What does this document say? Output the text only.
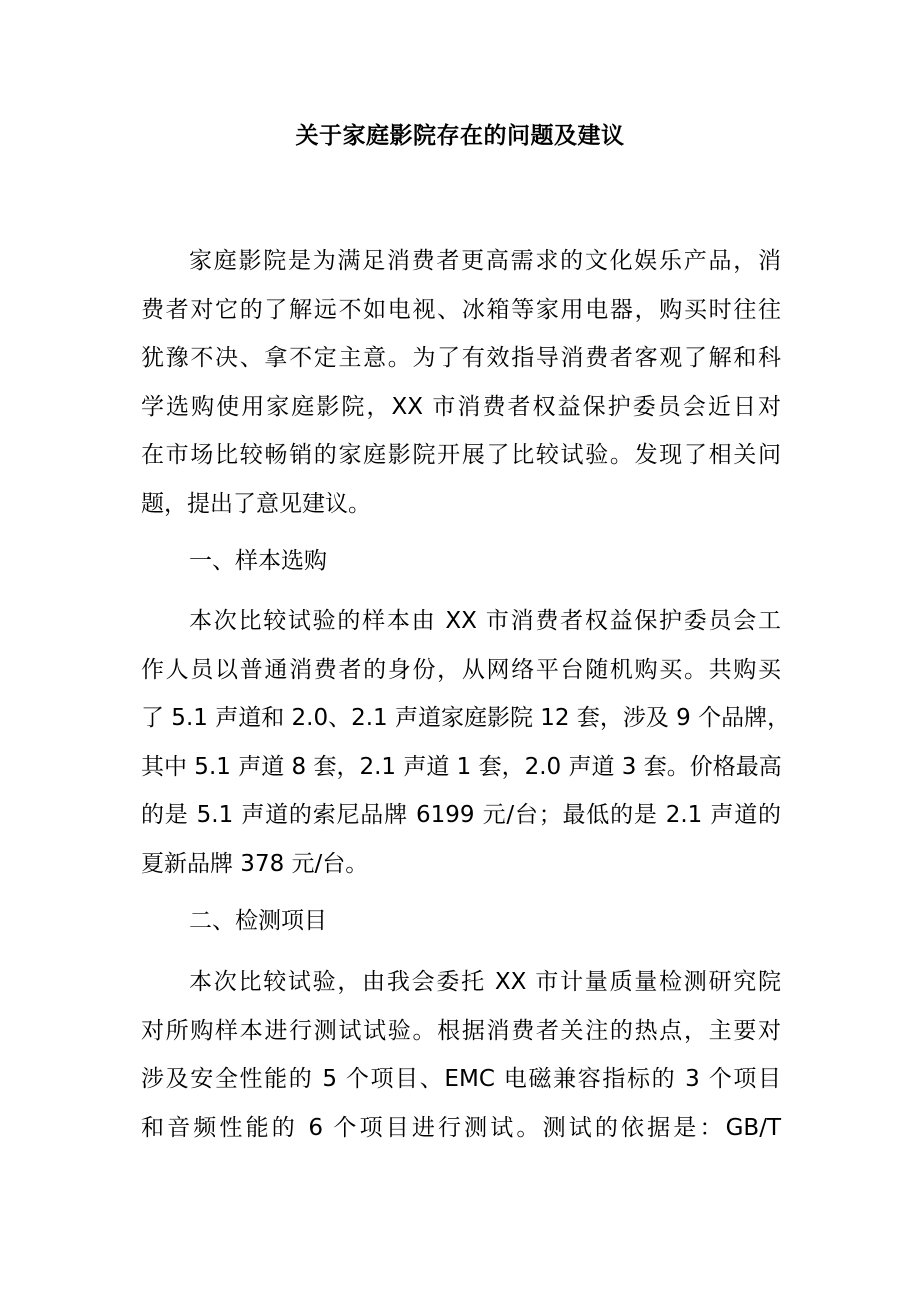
关于家庭影院存在的问题及建议
家庭影院是为满足消费者更高需求的文化娱乐产品，消
费者对它的了解远不如电视、冰箱等家用电器，购买时往往
犹豫不决、拿不定主意。为了有效指导消费者客观了解和科
学选购使用家庭影院，XX 市消费者权益保护委员会近日对
在市场比较畅销的家庭影院开展了比较试验。发现了相关问
题，提出了意见建议。
一、样本选购
本次比较试验的样本由 XX 市消费者权益保护委员会工
作人员以普通消费者的身份，从网络平台随机购买。共购买
了 5.1 声道和 2.0、2.1 声道家庭影院 12 套，涉及 9 个品牌，
其中 5.1 声道 8 套，2.1 声道 1 套，2.0 声道 3 套。价格最高
的是 5.1 声道的索尼品牌 6199 元/台；最低的是 2.1 声道的
夏新品牌 378 元/台。
二、检测项目
本次比较试验，由我会委托 XX 市计量质量检测研究院
对所购样本进行测试试验。根据消费者关注的热点，主要对
涉及安全性能的 5 个项目、EMC 电磁兼容指标的 3 个项目
和音频性能的 6 个项目进行测试。测试的依据是：GB/T
